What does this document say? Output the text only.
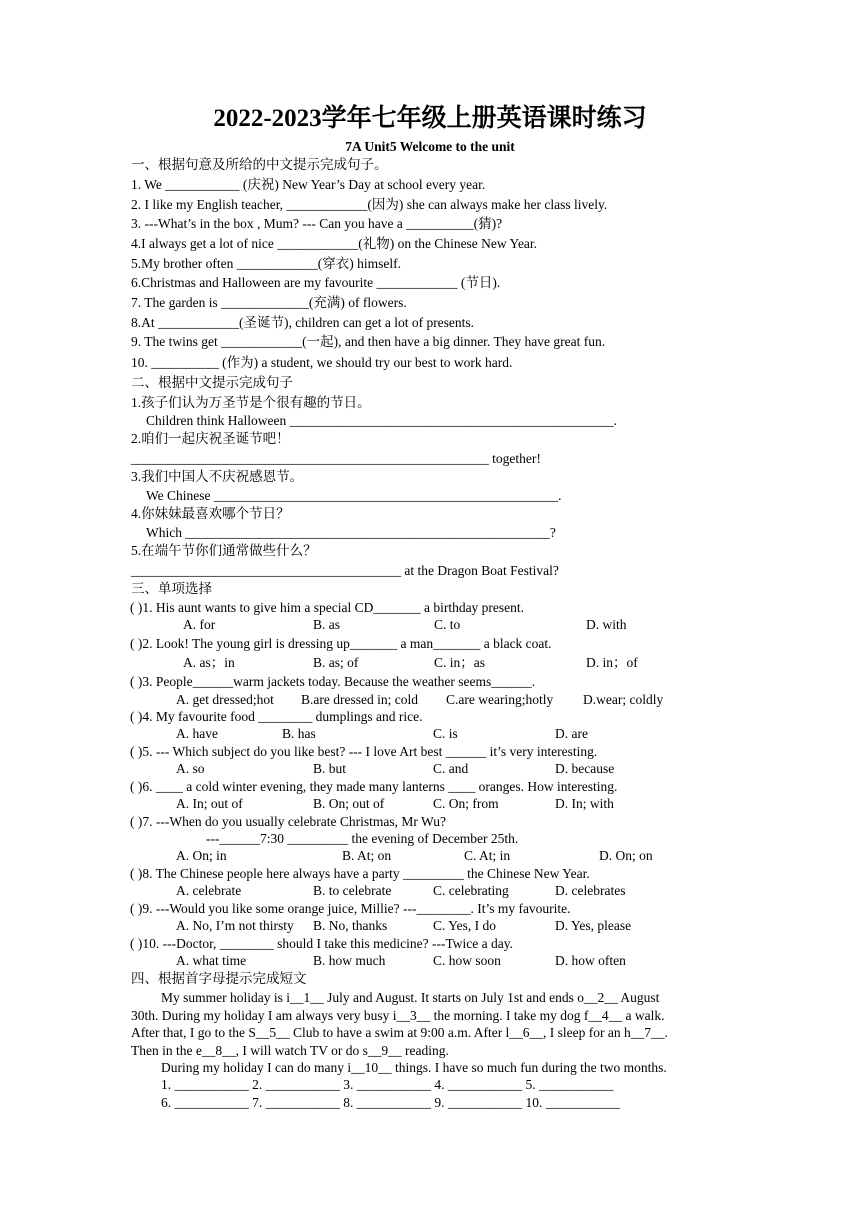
2022-2023学年七年级上册英语课时练习
7A Unit5 Welcome to the unit
一、根据句意及所给的中文提示完成句子。
1. We ___________ (庆祝) New Year’s Day at school every year.
2. I like my English teacher, ____________(因为) she can always make her class lively.
3. ---What’s in the box , Mum? --- Can you have a __________(猜)?
4.I always get a lot of nice ____________(礼物) on the Chinese New Year.
5.My brother often ____________(穿衣) himself.
6.Christmas and Halloween are my favourite ____________ (节日).
7. The garden is _____________(充满) of flowers.
8.At ____________(圣诞节), children can get a lot of presents.
9. The twins get ____________(一起), and then have a big dinner. They have great fun.
10. __________ (作为) a student, we should try our best to work hard.
二、根据中文提示完成句子
1.孩子们认为万圣节是个很有趣的节日。
Children think Halloween ________________________________________________.
2.咱们一起庆祝圣诞节吧！
_____________________________________________________ together!
3.我们中国人不庆祝感恩节。
We Chinese ___________________________________________________.
4.你妹妹最喜欢哪个节日？
Which ______________________________________________________?
5.在端午节你们通常做些什么？
________________________________________ at the Dragon Boat Festival?
三、单项选择
( )1. His aunt wants to give him a special CD_______ a birthday present.
A. for	B. as	C. to	D. with
( )2. Look! The young girl is dressing up_______ a man_______ a black coat.
A. as；in	B. as; of	C. in；as	D. in；of
( )3. People______warm jackets today. Because the weather seems______.
A. get dressed;hot B.are dressed in; cold C.are wearing;hotly D.wear; coldly
( )4. My favourite food ________ dumplings and rice.
A. have	B. has	C. is	D. are
( )5. --- Which subject do you like best? --- I love Art best ______ it’s very interesting.
A. so	B. but	C. and	D. because
( )6. ____ a cold winter evening, they made many lanterns ____ oranges. How interesting.
A. In; out of	B. On; out of	C. On; from	D. In; with
( )7. ---When do you usually celebrate Christmas, Mr Wu?
---______7:30 _________ the evening of December 25th.
A. On; in	B. At; on	C. At; in	D. On; on
( )8. The Chinese people here always have a party _________ the Chinese New Year.
A. celebrate	B. to celebrate	C. celebrating	D. celebrates
( )9. ---Would you like some orange juice, Millie? ---________. It’s my favourite.
A. No, I’m not thirsty B. No, thanks	C. Yes, I do	D. Yes, please
( )10. ---Doctor, ________ should I take this medicine? ---Twice a day.
A. what time	B. how much	C. how soon	D. how often
四、根据首字母提示完成短文
My summer holiday is i__1__ July and August. It starts on July 1st and ends o__2__ August
30th. During my holiday I am always very busy i__3__ the morning. I take my dog f__4__ a walk.
After that, I go to the S__5__ Club to have a swim at 9:00 a.m. After l__6__, I sleep for an h__7__.
Then in the e__8__, I will watch TV or do s__9__ reading.
During my holiday I can do many i__10__ things. I have so much fun during the two months.
1. ___________ 2. ___________ 3. ___________ 4. ___________ 5. ___________
6. ___________ 7. ___________ 8. ___________ 9. ___________ 10. ___________
